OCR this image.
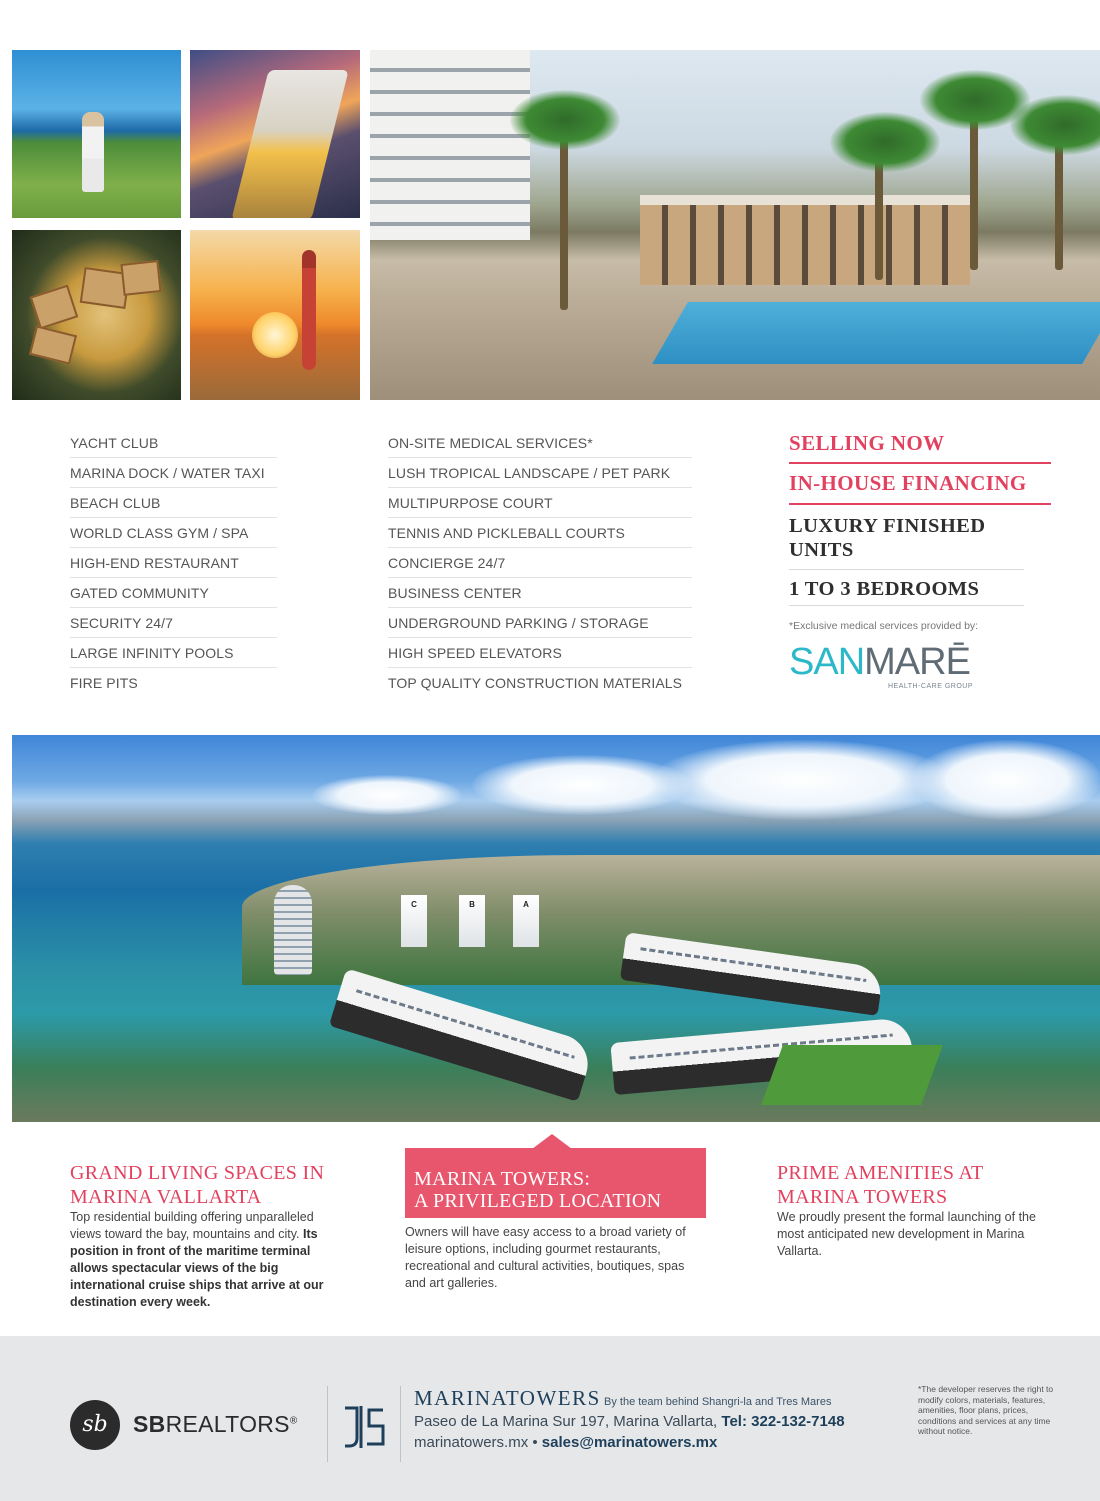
YACHT CLUB
MARINA DOCK / WATER TAXI
BEACH CLUB
WORLD CLASS GYM / SPA
HIGH-END RESTAURANT
GATED COMMUNITY
SECURITY 24/7
LARGE INFINITY POOLS
FIRE PITS
ON-SITE MEDICAL SERVICES*
LUSH TROPICAL LANDSCAPE / PET PARK
MULTIPURPOSE COURT
TENNIS AND PICKLEBALL COURTS
CONCIERGE 24/7
BUSINESS CENTER
UNDERGROUND PARKING / STORAGE
HIGH SPEED ELEVATORS
TOP QUALITY CONSTRUCTION MATERIALS
SELLING NOW
IN-HOUSE FINANCING
LUXURY FINISHED UNITS
1 TO 3 BEDROOMS
*Exclusive medical services provided by:
SANMARĒ
HEALTH-CARE GROUP
C	B	A
GRAND LIVING SPACES IN
MARINA VALLARTA
Top residential building offering unparalleled views toward the bay, mountains and city. Its position in front of the maritime terminal allows spectacular views of the big international cruise ships that arrive at our destination every week.
MARINA TOWERS:
A PRIVILEGED LOCATION
Owners will have easy access to a broad variety of leisure options, including gourmet restaurants, recreational and cultural activities, boutiques, spas and art galleries.
PRIME AMENITIES AT
MARINA TOWERS
We proudly present the formal launching of the most anticipated new development in Marina Vallarta.
sb	SBREALTORS®
MARINATOWERS By the team behind Shangri-la and Tres Mares
Paseo de La Marina Sur 197, Marina Vallarta, Tel: 322-132-7148
marinatowers.mx • sales@marinatowers.mx
*The developer reserves the right to modify colors, materials, features, amenities, floor plans, prices, conditions and services at any time without notice.
